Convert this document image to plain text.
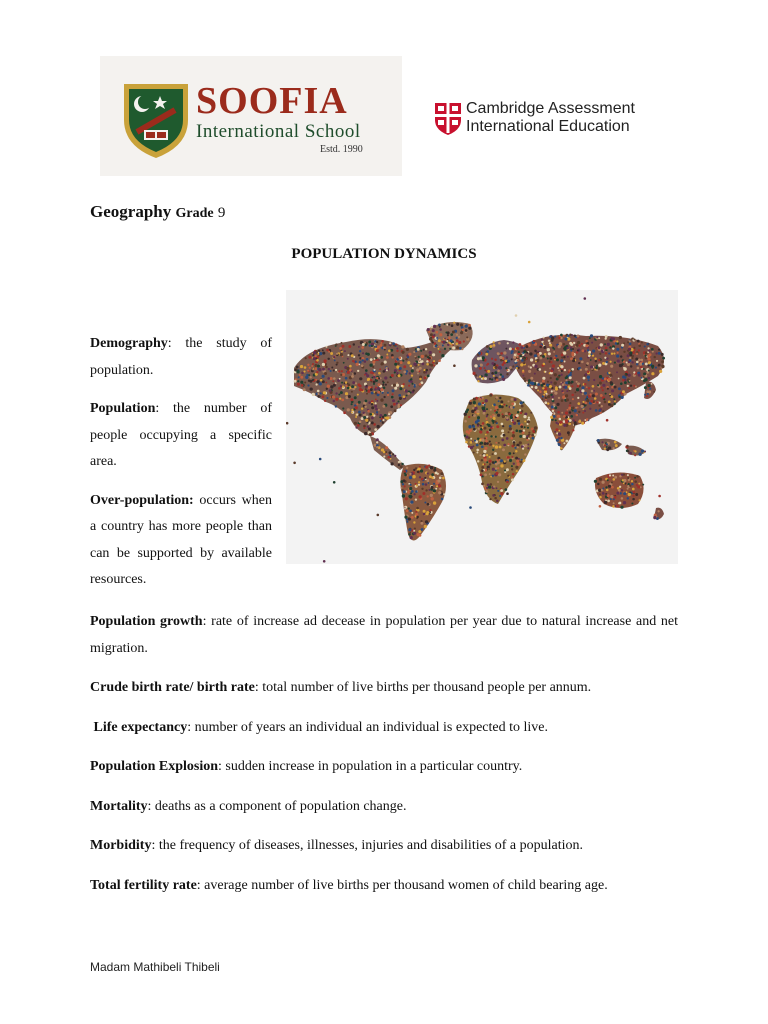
SOOFIA
International School
Estd. 1990
Cambridge Assessment
International Education
Geography Grade 9
POPULATION DYNAMICS

Demography: the study of population.

Population: the number of people occupying a specific area.

Over-population: occurs when a country has more people than can be supported by available resources.

Population growth: rate of increase ad decease in population per year due to natural increase and net migration.

Crude birth rate/ birth rate: total number of live births per thousand people per annum.

Life expectancy: number of years an individual an individual is expected to live.

Population Explosion: sudden increase in population in a particular country.

Mortality: deaths as a component of population change.

Morbidity: the frequency of diseases, illnesses, injuries and disabilities of a population.

Total fertility rate: average number of live births per thousand women of child bearing age.

Madam Mathibeli Thibeli
